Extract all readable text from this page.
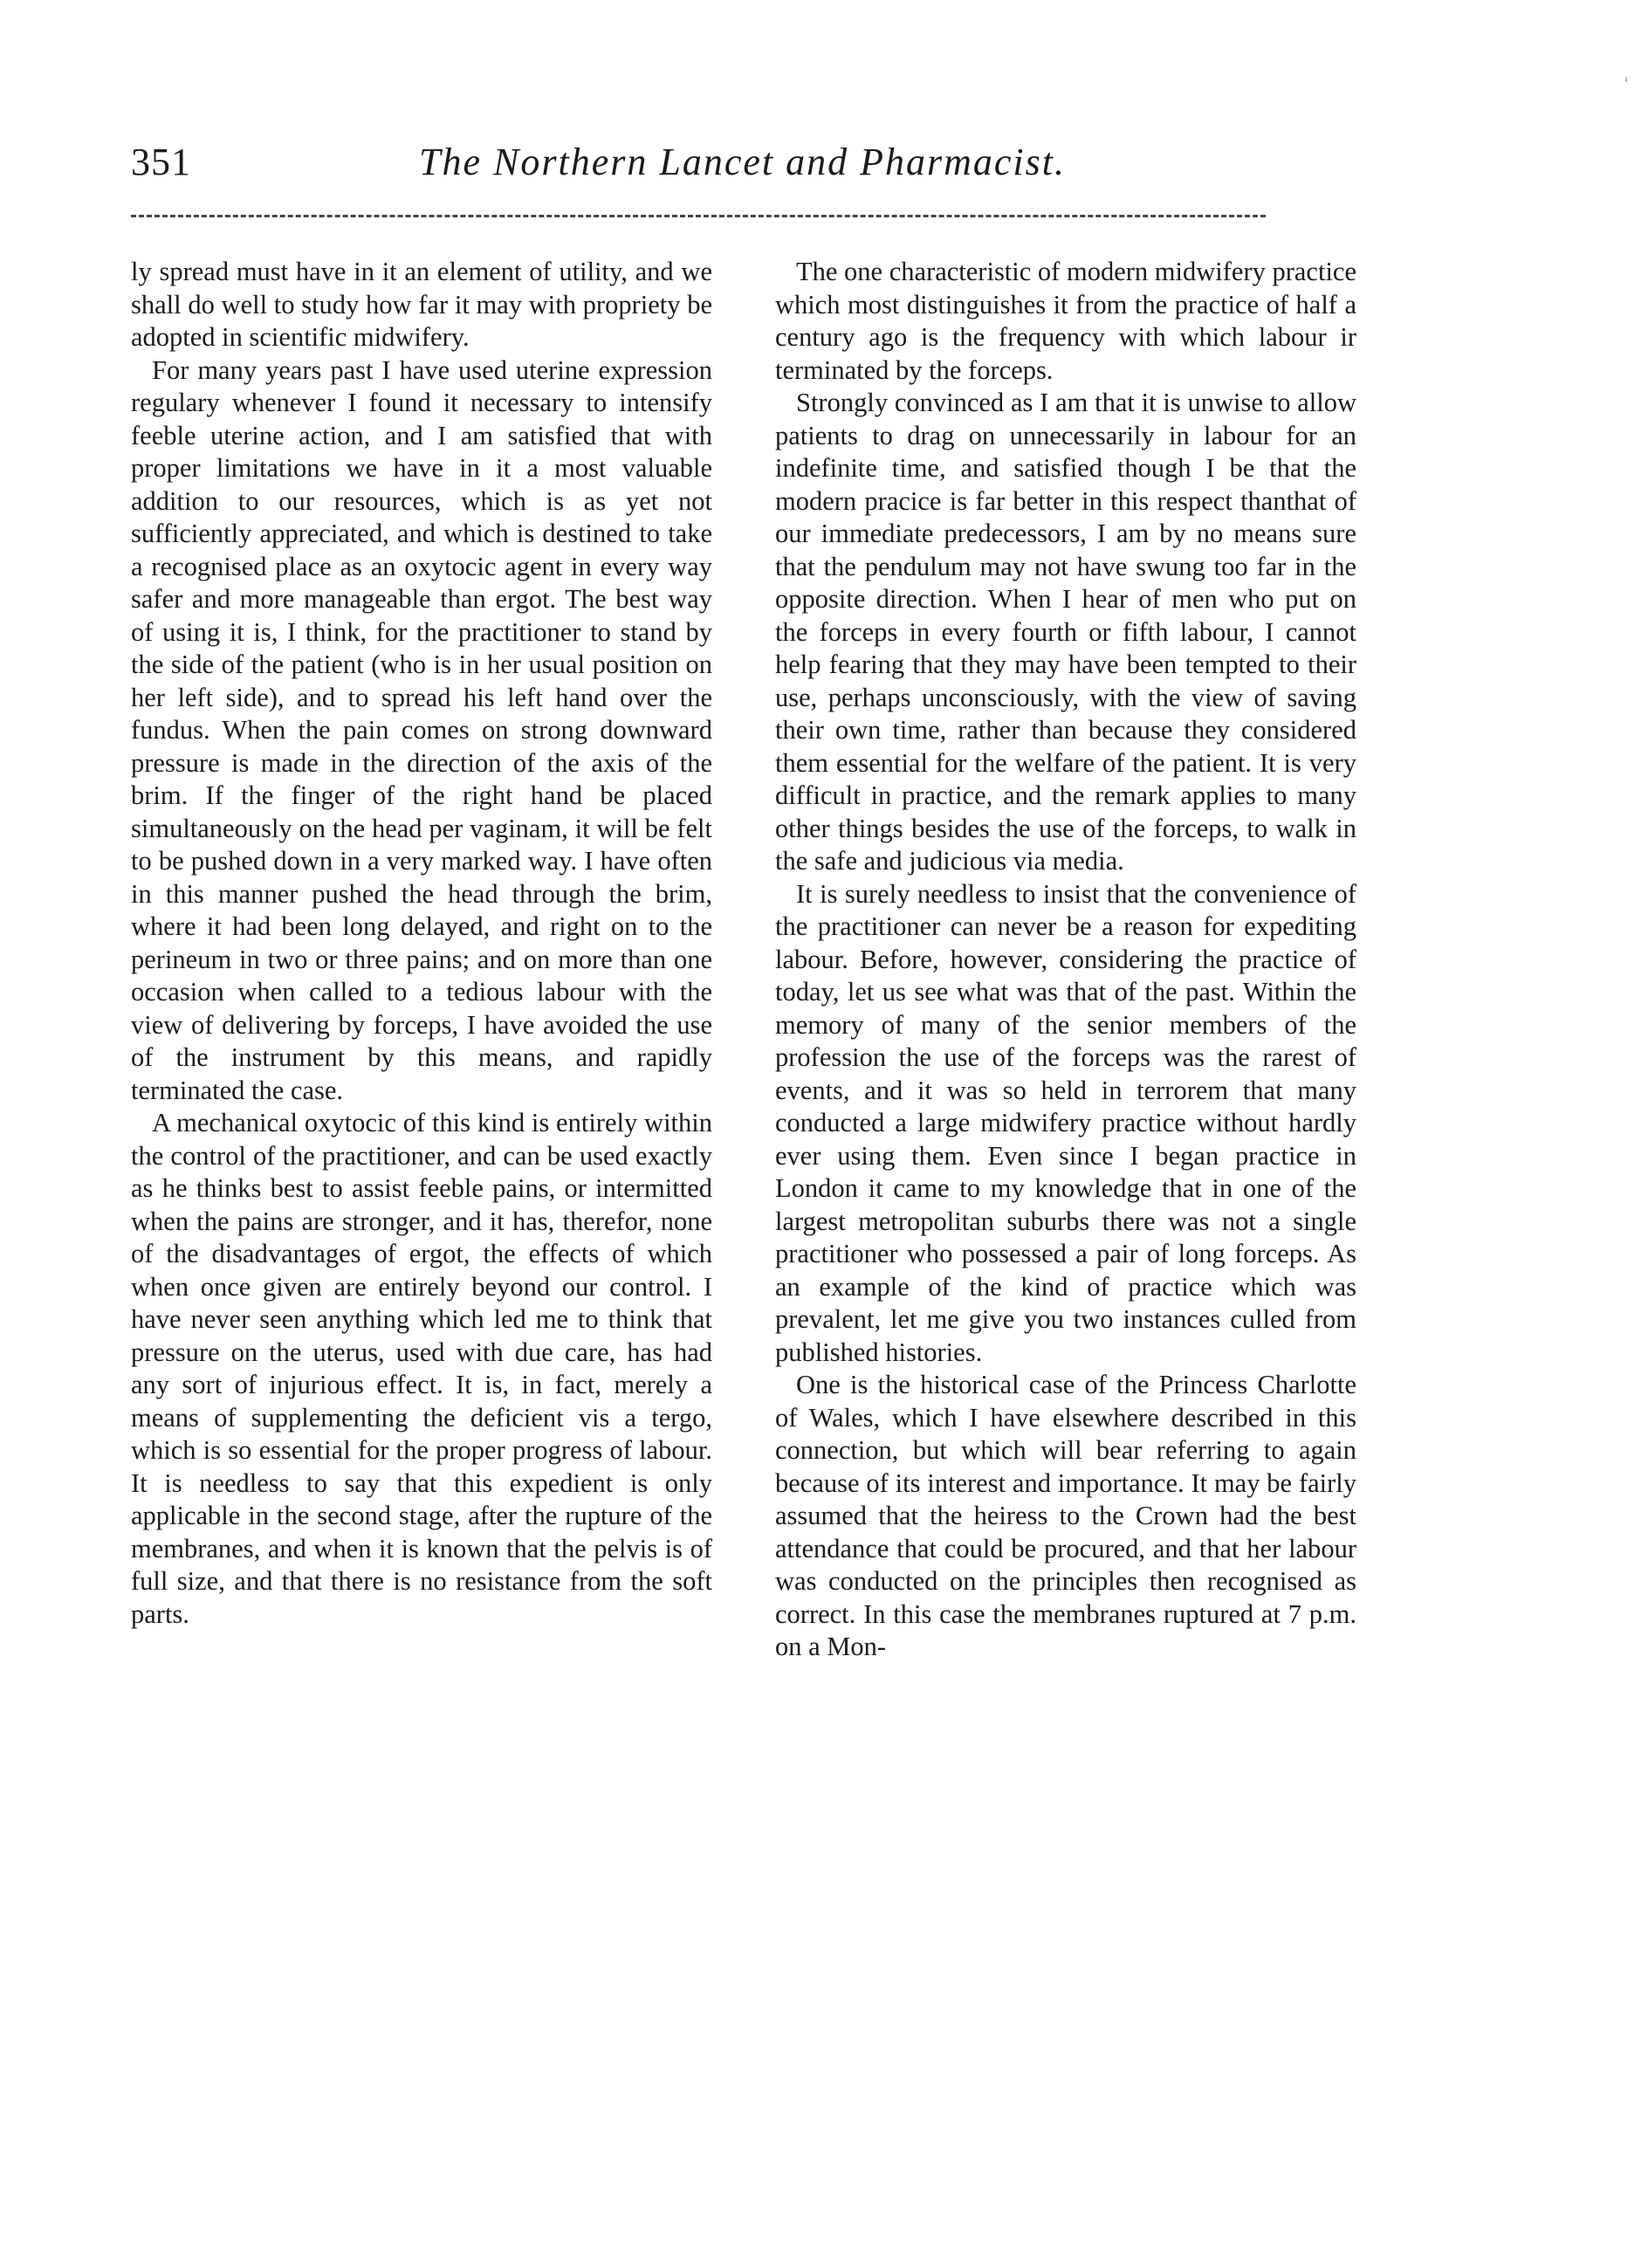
351	The Northern Lancet and Pharmacist.

ly spread must have in it an element of utility, and we shall do well to study how far it may with propriety be adopted in scientific midwifery.

For many years past I have used uterine expression regulary whenever I found it necessary to intensify feeble uterine action, and I am satisfied that with proper limitations we have in it a most valuable addition to our resources, which is as yet not sufficiently appreciated, and which is destined to take a recognised place as an oxytocic agent in every way safer and more manageable than ergot. The best way of using it is, I think, for the practitioner to stand by the side of the patient (who is in her usual position on her left side), and to spread his left hand over the fundus. When the pain comes on strong downward pressure is made in the direction of the axis of the brim. If the finger of the right hand be placed simultaneously on the head per vaginam, it will be felt to be pushed down in a very marked way. I have often in this manner pushed the head through the brim, where it had been long delayed, and right on to the perineum in two or three pains; and on more than one occasion when called to a tedious labour with the view of delivering by forceps, I have avoided the use of the instrument by this means, and rapidly terminated the case.

A mechanical oxytocic of this kind is entirely within the control of the practitioner, and can be used exactly as he thinks best to assist feeble pains, or intermitted when the pains are stronger, and it has, therefor, none of the disadvantages of ergot, the effects of which when once given are entirely beyond our control. I have never seen anything which led me to think that pressure on the uterus, used with due care, has had any sort of injurious effect. It is, in fact, merely a means of supplementing the deficient vis a tergo, which is so essential for the proper progress of labour. It is needless to say that this expedient is only applicable in the second stage, after the rupture of the membranes, and when it is known that the pelvis is of full size, and that there is no resistance from the soft parts.

The one characteristic of modern midwifery practice which most distinguishes it from the practice of half a century ago is the frequency with which labour ir terminated by the forceps.

Strongly convinced as I am that it is unwise to allow patients to drag on unnecessarily in labour for an indefinite time, and satisfied though I be that the modern pracice is far better in this respect thanthat of our immediate predecessors, I am by no means sure that the pendulum may not have swung too far in the opposite direction. When I hear of men who put on the forceps in every fourth or fifth labour, I cannot help fearing that they may have been tempted to their use, perhaps unconsciously, with the view of saving their own time, rather than because they considered them essential for the welfare of the patient. It is very difficult in practice, and the remark applies to many other things besides the use of the forceps, to walk in the safe and judicious via media.

It is surely needless to insist that the convenience of the practitioner can never be a reason for expediting labour. Before, however, considering the practice of today, let us see what was that of the past. Within the memory of many of the senior members of the profession the use of the forceps was the rarest of events, and it was so held in terrorem that many conducted a large midwifery practice without hardly ever using them. Even since I began practice in London it came to my knowledge that in one of the largest metropolitan suburbs there was not a single practitioner who possessed a pair of long forceps. As an example of the kind of practice which was prevalent, let me give you two instances culled from published histories.

One is the historical case of the Princess Charlotte of Wales, which I have elsewhere described in this connection, but which will bear referring to again because of its interest and importance. It may be fairly assumed that the heiress to the Crown had the best attendance that could be procured, and that her labour was conducted on the principles then recognised as correct. In this case the membranes ruptured at 7 p.m. on a Mon-
